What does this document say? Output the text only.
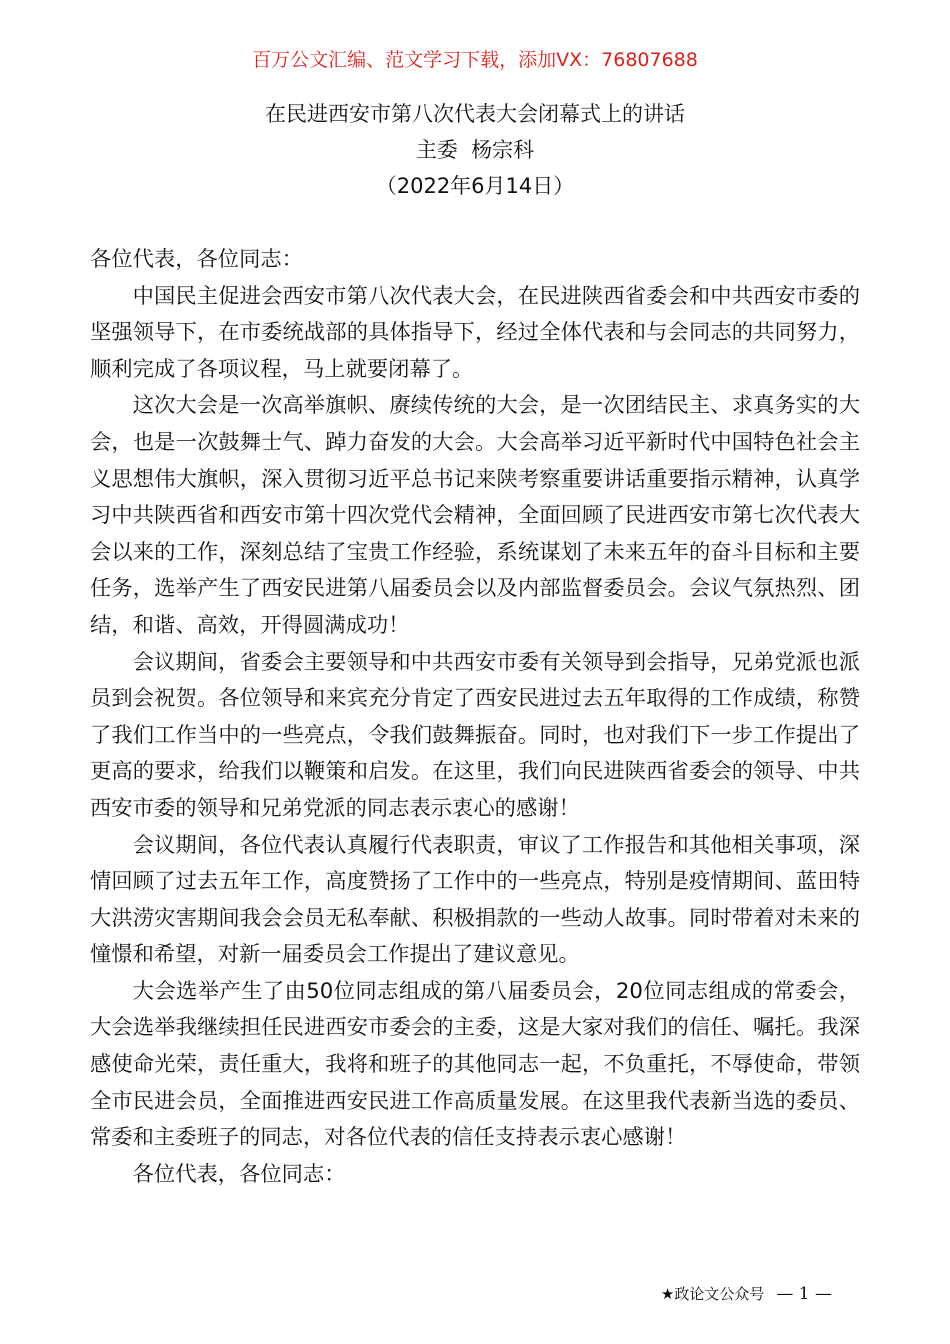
百万公文汇编、范文学习下载，添加VX：76807688
在民进西安市第八次代表大会闭幕式上的讲话
主委  杨宗科
（2022年6月14日）

各位代表，各位同志：

中国民主促进会西安市第八次代表大会，在民进陕西省委会和中共西安市委的坚强领导下，在市委统战部的具体指导下，经过全体代表和与会同志的共同努力，顺利完成了各项议程，马上就要闭幕了。

这次大会是一次高举旗帜、赓续传统的大会，是一次团结民主、求真务实的大会，也是一次鼓舞士气、踔力奋发的大会。大会高举习近平新时代中国特色社会主义思想伟大旗帜，深入贯彻习近平总书记来陕考察重要讲话重要指示精神，认真学习中共陕西省和西安市第十四次党代会精神，全面回顾了民进西安市第七次代表大会以来的工作，深刻总结了宝贵工作经验，系统谋划了未来五年的奋斗目标和主要任务，选举产生了西安民进第八届委员会以及内部监督委员会。会议气氛热烈、团结，和谐、高效，开得圆满成功！

会议期间，省委会主要领导和中共西安市委有关领导到会指导，兄弟党派也派员到会祝贺。各位领导和来宾充分肯定了西安民进过去五年取得的工作成绩，称赞了我们工作当中的一些亮点，令我们鼓舞振奋。同时，也对我们下一步工作提出了更高的要求，给我们以鞭策和启发。在这里，我们向民进陕西省委会的领导、中共西安市委的领导和兄弟党派的同志表示衷心的感谢！

会议期间，各位代表认真履行代表职责，审议了工作报告和其他相关事项，深情回顾了过去五年工作，高度赞扬了工作中的一些亮点，特别是疫情期间、蓝田特大洪涝灾害期间我会会员无私奉献、积极捐款的一些动人故事。同时带着对未来的憧憬和希望，对新一届委员会工作提出了建议意见。

大会选举产生了由50位同志组成的第八届委员会，20位同志组成的常委会，大会选举我继续担任民进西安市委会的主委，这是大家对我们的信任、嘱托。我深感使命光荣，责任重大，我将和班子的其他同志一起，不负重托，不辱使命，带领全市民进会员，全面推进西安民进工作高质量发展。在这里我代表新当选的委员、常委和主委班子的同志，对各位代表的信任支持表示衷心感谢！

各位代表，各位同志：

★政论文公众号 — 1 —
